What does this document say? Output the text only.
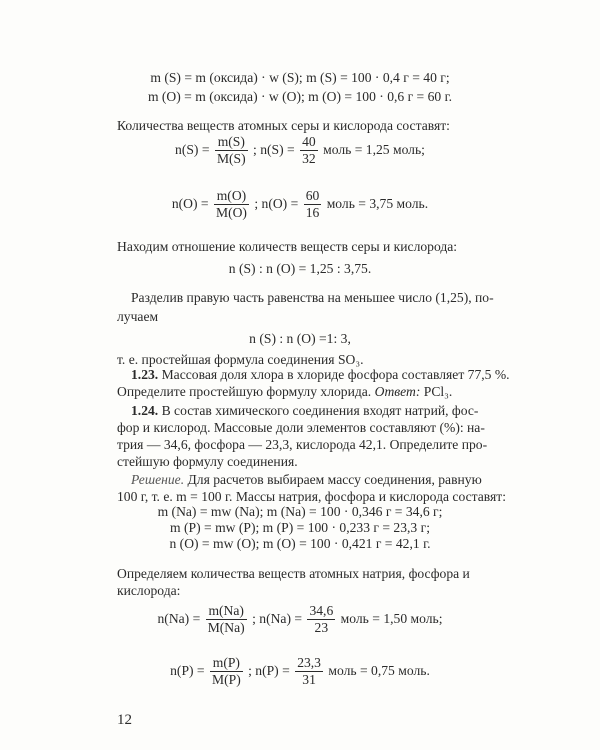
m (S) = m (оксида) · w (S); m (S) = 100 · 0,4 г = 40 г;
m (O) = m (оксида) · w (O); m (O) = 100 · 0,6 г = 60 г.
Количества веществ атомных серы и кислорода составят:
$n(S) = \frac{m(S)}{M(S)}$ ; $n(S) = \frac{40}{32}$ моль = 1,25 моль;
$n(O) = \frac{m(O)}{M(O)}$ ; $n(O) = \frac{60}{16}$ моль = 3,75 моль.
Находим отношение количеств веществ серы и кислорода:
n (S) : n (O) = 1,25 : 3,75.
Разделив правую часть равенства на меньшее число (1,25), по-
лучаем
n (S) : n (O) =1: 3,
т. е. простейшая формула соединения SO₃.
1.23. Массовая доля хлора в хлориде фосфора составляет 77,5 %.
Определите простейшую формулу хлорида. Ответ: PCl₃.
1.24. В состав химического соединения входят натрий, фос-
фор и кислород. Массовые доли элементов составляют (%): на-
трия — 34,6, фосфора — 23,3, кислорода 42,1. Определите про-
стейшую формулу соединения.
Решение. Для расчетов выбираем массу соединения, равную
100 г, т. е. m = 100 г. Массы натрия, фосфора и кислорода составят:
m (Na) = mw (Na); m (Na) = 100 · 0,346 г = 34,6 г;
m (P) = mw (P); m (P) = 100 · 0,233 г = 23,3 г;
n (O) = mw (O); m (O) = 100 · 0,421 г = 42,1 г.
Определяем количества веществ атомных натрия, фосфора и
кислорода:
$n(Na) = \frac{m(Na)}{M(Na)}$ ; $n(Na) = \frac{34,6}{23}$ моль = 1,50 моль;
$n(P) = \frac{m(P)}{M(P)}$ ; $n(P) = \frac{23,3}{31}$ моль = 0,75 моль.
12
